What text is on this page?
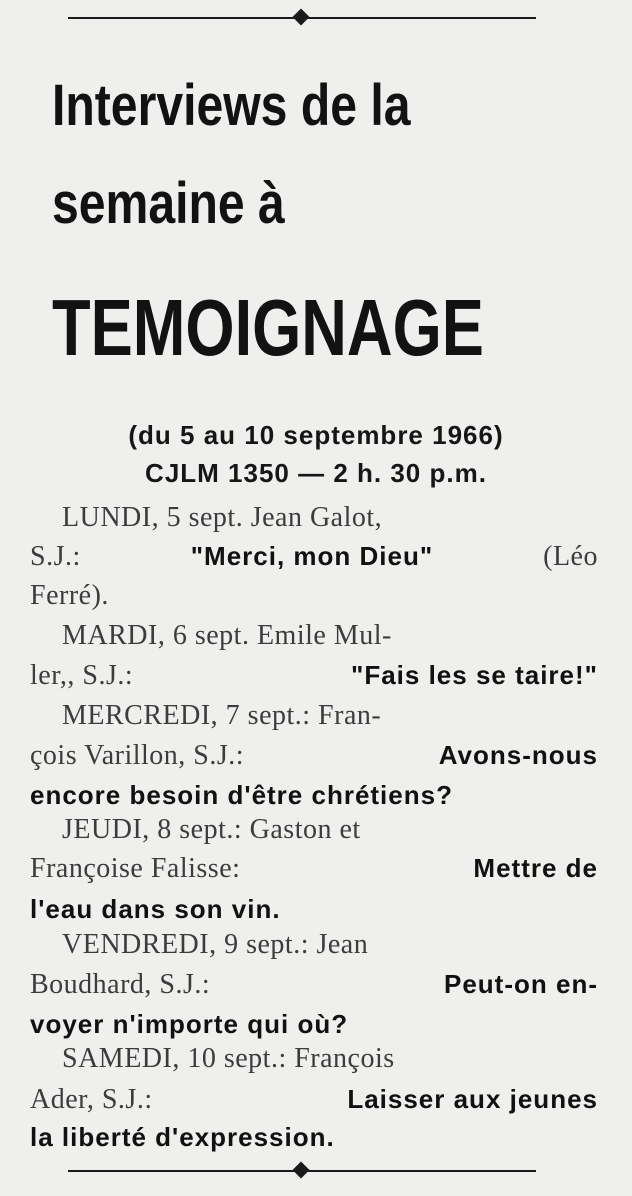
Interviews de la
semaine à
TEMOIGNAGE
(du 5 au 10 septembre 1966)
CJLM 1350 — 2 h. 30 p.m.
LUNDI, 5 sept. Jean Galot,
S.J.:	"Merci, mon Dieu"	(Léo
Ferré).
MARDI, 6 sept. Emile Mul-
ler,, S.J.:	"Fais les se taire!"
MERCREDI, 7 sept.: Fran-
çois Varillon, S.J.:	Avons-nous
encore besoin d'être chrétiens?
JEUDI, 8 sept.: Gaston et
Françoise Falisse:	Mettre de
l'eau dans son vin.
VENDREDI, 9 sept.: Jean
Boudhard, S.J.:	Peut-on en-
voyer n'importe qui où?
SAMEDI, 10 sept.: François
Ader, S.J.:	Laisser aux jeunes
la liberté d'expression.
